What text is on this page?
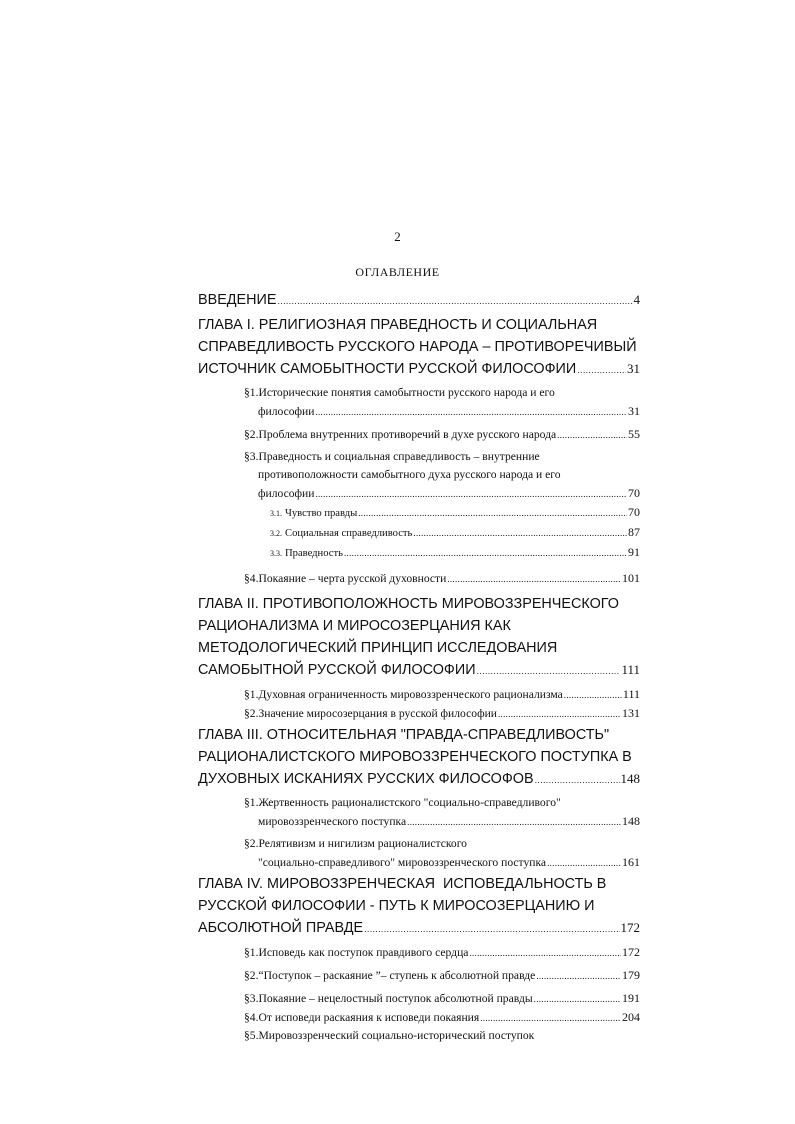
2
ОГЛАВЛЕНИЕ
ВВЕДЕНИЕ .....	4
ГЛАВА I. РЕЛИГИОЗНАЯ ПРАВЕДНОСТЬ И СОЦИАЛЬНАЯ
СПРАВЕДЛИВОСТЬ РУССКОГО НАРОДА – ПРОТИВОРЕЧИВЫЙ
ИСТОЧНИК САМОБЫТНОСТИ РУССКОЙ ФИЛОСОФИИ .....	31
§1.Исторические понятия самобытности русского народа и его
философии .....	31
§2.Проблема внутренних противоречий в духе русского народа .....	55
§3.Праведность и социальная справедливость – внутренние
противоположности самобытного духа русского народа и его
философии .....	70
3.1. Чувство правды .....	70
3.2. Социальная справедливость .....	87
3.3. Праведность .....	91
§4.Покаяние – черта русской духовности .....	101
ГЛАВА II. ПРОТИВОПОЛОЖНОСТЬ МИРОВОЗЗРЕНЧЕСКОГО
РАЦИОНАЛИЗМА И МИРОСОЗЕРЦАНИЯ КАК
МЕТОДОЛОГИЧЕСКИЙ ПРИНЦИП ИССЛЕДОВАНИЯ
САМОБЫТНОЙ РУССКОЙ ФИЛОСОФИИ .....	111
§1.Духовная ограниченность мировоззренческого рационализма .....	111
§2.Значение миросозерцания в русской философии .....	131
ГЛАВА III. ОТНОСИТЕЛЬНАЯ "ПРАВДА-СПРАВЕДЛИВОСТЬ"
РАЦИОНАЛИСТСКОГО МИРОВОЗЗРЕНЧЕСКОГО ПОСТУПКА В
ДУХОВНЫХ ИСКАНИЯХ РУССКИХ ФИЛОСОФОВ .....	148
§1.Жертвенность рационалистского "социально-справедливого"
мировоззренческого поступка .....	148
§2.Релятивизм и нигилизм рационалистского
"социально-справедливого" мировоззренческого поступка .....	161
ГЛАВА IV. МИРОВОЗЗРЕНЧЕСКАЯ  ИСПОВЕДАЛЬНОСТЬ В
РУССКОЙ ФИЛОСОФИИ - ПУТЬ К МИРОСОЗЕРЦАНИЮ И
АБСОЛЮТНОЙ ПРАВДЕ .....	172
§1.Исповедь как поступок правдивого сердца .....	172
§2.“Поступок – раскаяние ”– ступень к абсолютной правде .....	179
§3.Покаяние – нецелостный поступок абсолютной правды .....	191
§4.От исповеди раскаяния к исповеди покаяния .....	204
§5.Мировоззренческий социально-исторический поступок
